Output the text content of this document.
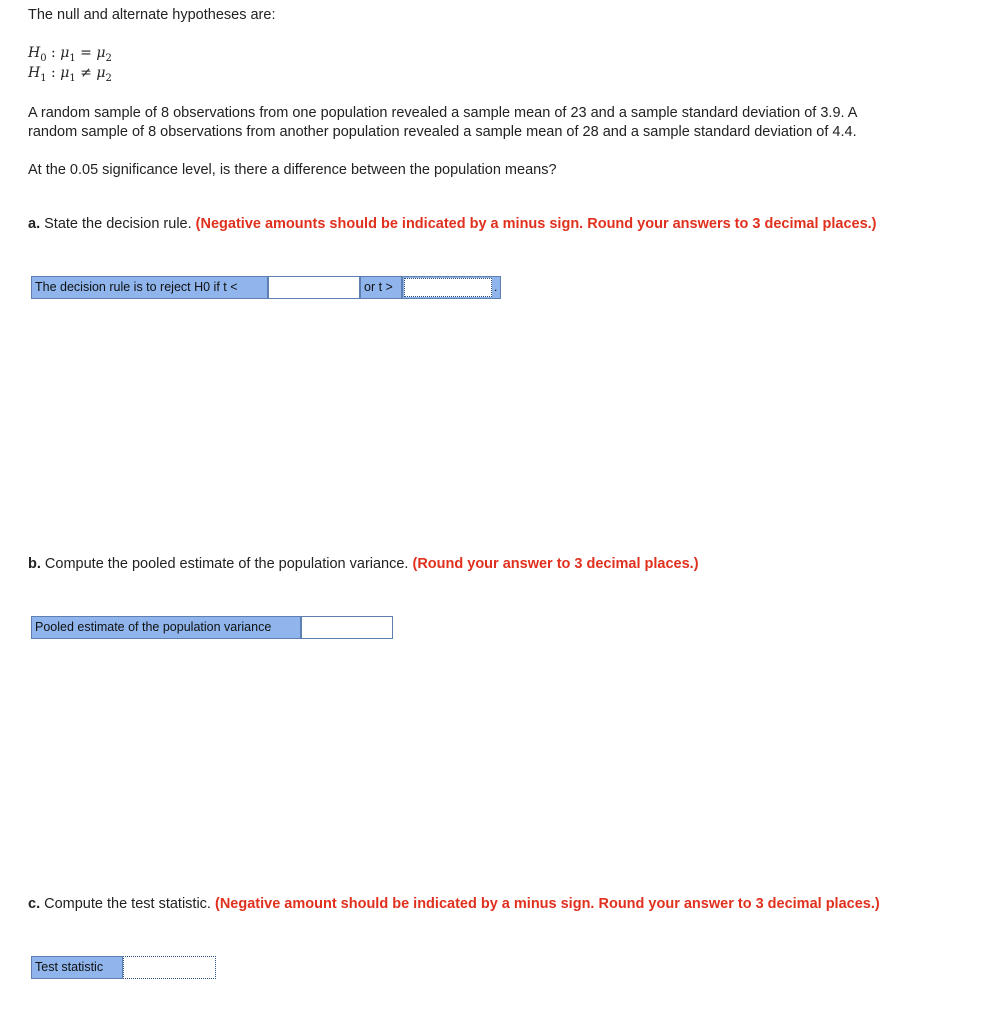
The null and alternate hypotheses are:

$H_0$ : $\mu_1 = \mu_2$
$H_1$ : $\mu_1 \ne \mu_2$

A random sample of 8 observations from one population revealed a sample mean of 23 and a sample standard deviation of 3.9. A

random sample of 8 observations from another population revealed a sample mean of 28 and a sample standard deviation of 4.4.

At the 0.05 significance level, is there a difference between the population means?

a. State the decision rule. (Negative amounts should be indicated by a minus sign. Round your answers to 3 decimal places.)

The decision rule is to reject H0 if t <	or t >	.

b. Compute the pooled estimate of the population variance. (Round your answer to 3 decimal places.)

Pooled estimate of the population variance

c. Compute the test statistic. (Negative amount should be indicated by a minus sign. Round your answer to 3 decimal places.)

Test statistic
